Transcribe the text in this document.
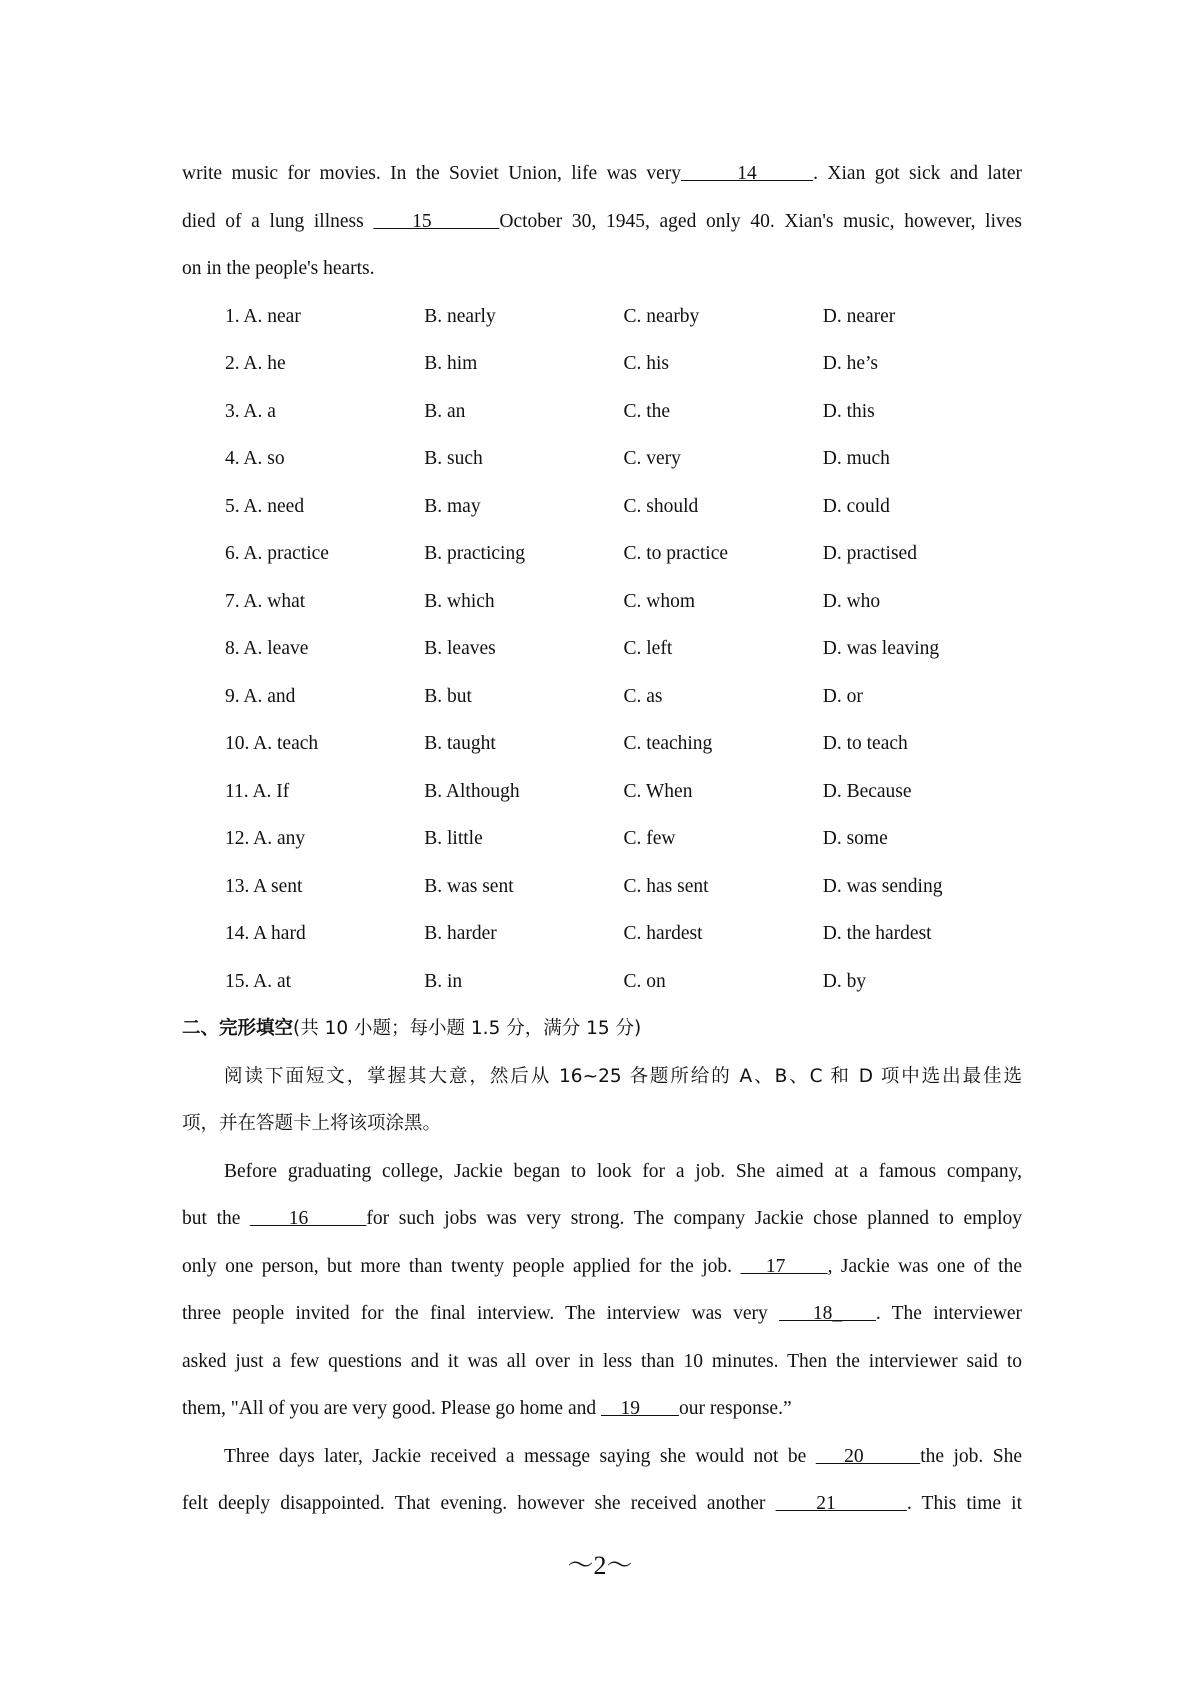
write music for movies. In the Soviet Union, life was very      14      . Xian got sick and later
died of a lung illness     15       October 30, 1945, aged only 40. Xian's music, however, lives
on in the people's hearts.
1. A. near	B. nearly	C. nearby	D. nearer
2. A. he	B. him	C. his	D. he’s
3. A. a	B. an	C. the	D. this
4. A. so	B. such	C. very	D. much
5. A. need	B. may	C. should	D. could
6. A. practice	B. practicing	C. to practice	D. practised
7. A. what	B. which	C. whom	D. who
8. A. leave	B. leaves	C. left	D. was leaving
9. A. and	B. but	C. as	D. or
10. A. teach	B. taught	C. teaching	D. to teach
11. A. If	B. Although	C. When	D. Because
12. A. any	B. little	C. few	D. some
13. A sent	B. was sent	C. has sent	D. was sending
14. A hard	B. harder	C. hardest	D. the hardest
15. A. at	B. in	C. on	D. by
二、完形填空(共 10 小题；每小题 1.5 分，满分 15 分)
阅读下面短文，掌握其大意，然后从 16~25 各题所给的 A、B、C 和 D 项中选出最佳选
项，并在答题卡上将该项涂黑。
Before graduating college, Jackie began to look for a job. She aimed at a famous company,
but the     16      for such jobs was very strong. The company Jackie chose planned to employ
only one person, but more than twenty people applied for the job.    17     , Jackie was one of the
three people invited for the final interview. The interview was very    18_   . The interviewer
asked just a few questions and it was all over in less than 10 minutes. Then the interviewer said to
them, "All of you are very good. Please go home and     19        our response.”
Three days later, Jackie received a message saying she would not be    20      the job. She
felt deeply disappointed. That evening. however she received another     21       . This time it
～2～
